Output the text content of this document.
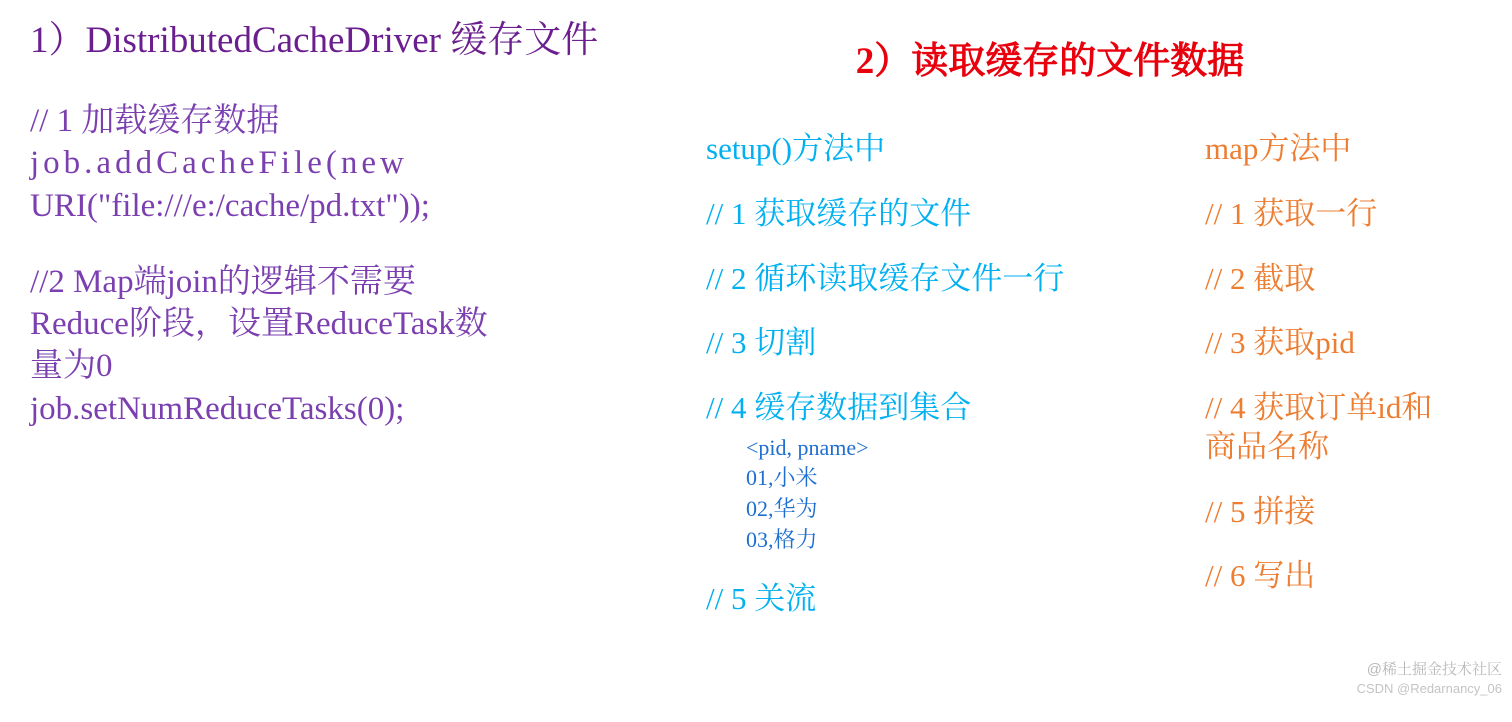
1）DistributedCacheDriver 缓存文件
// 1 加载缓存数据
job.addCacheFile(new
URI("file:///e:/cache/pd.txt"));
//2 Map端join的逻辑不需要
Reduce阶段，设置ReduceTask数
量为0
job.setNumReduceTasks(0);
2）读取缓存的文件数据
setup()方法中
// 1 获取缓存的文件
// 2 循环读取缓存文件一行
// 3 切割
// 4 缓存数据到集合
<pid, pname>
01,小米
02,华为
03,格力
// 5 关流
map方法中
// 1 获取一行
// 2 截取
// 3 获取pid
// 4 获取订单id和
商品名称
// 5 拼接
// 6 写出
@稀土掘金技术社区
CSDN @Redarnancy_06
